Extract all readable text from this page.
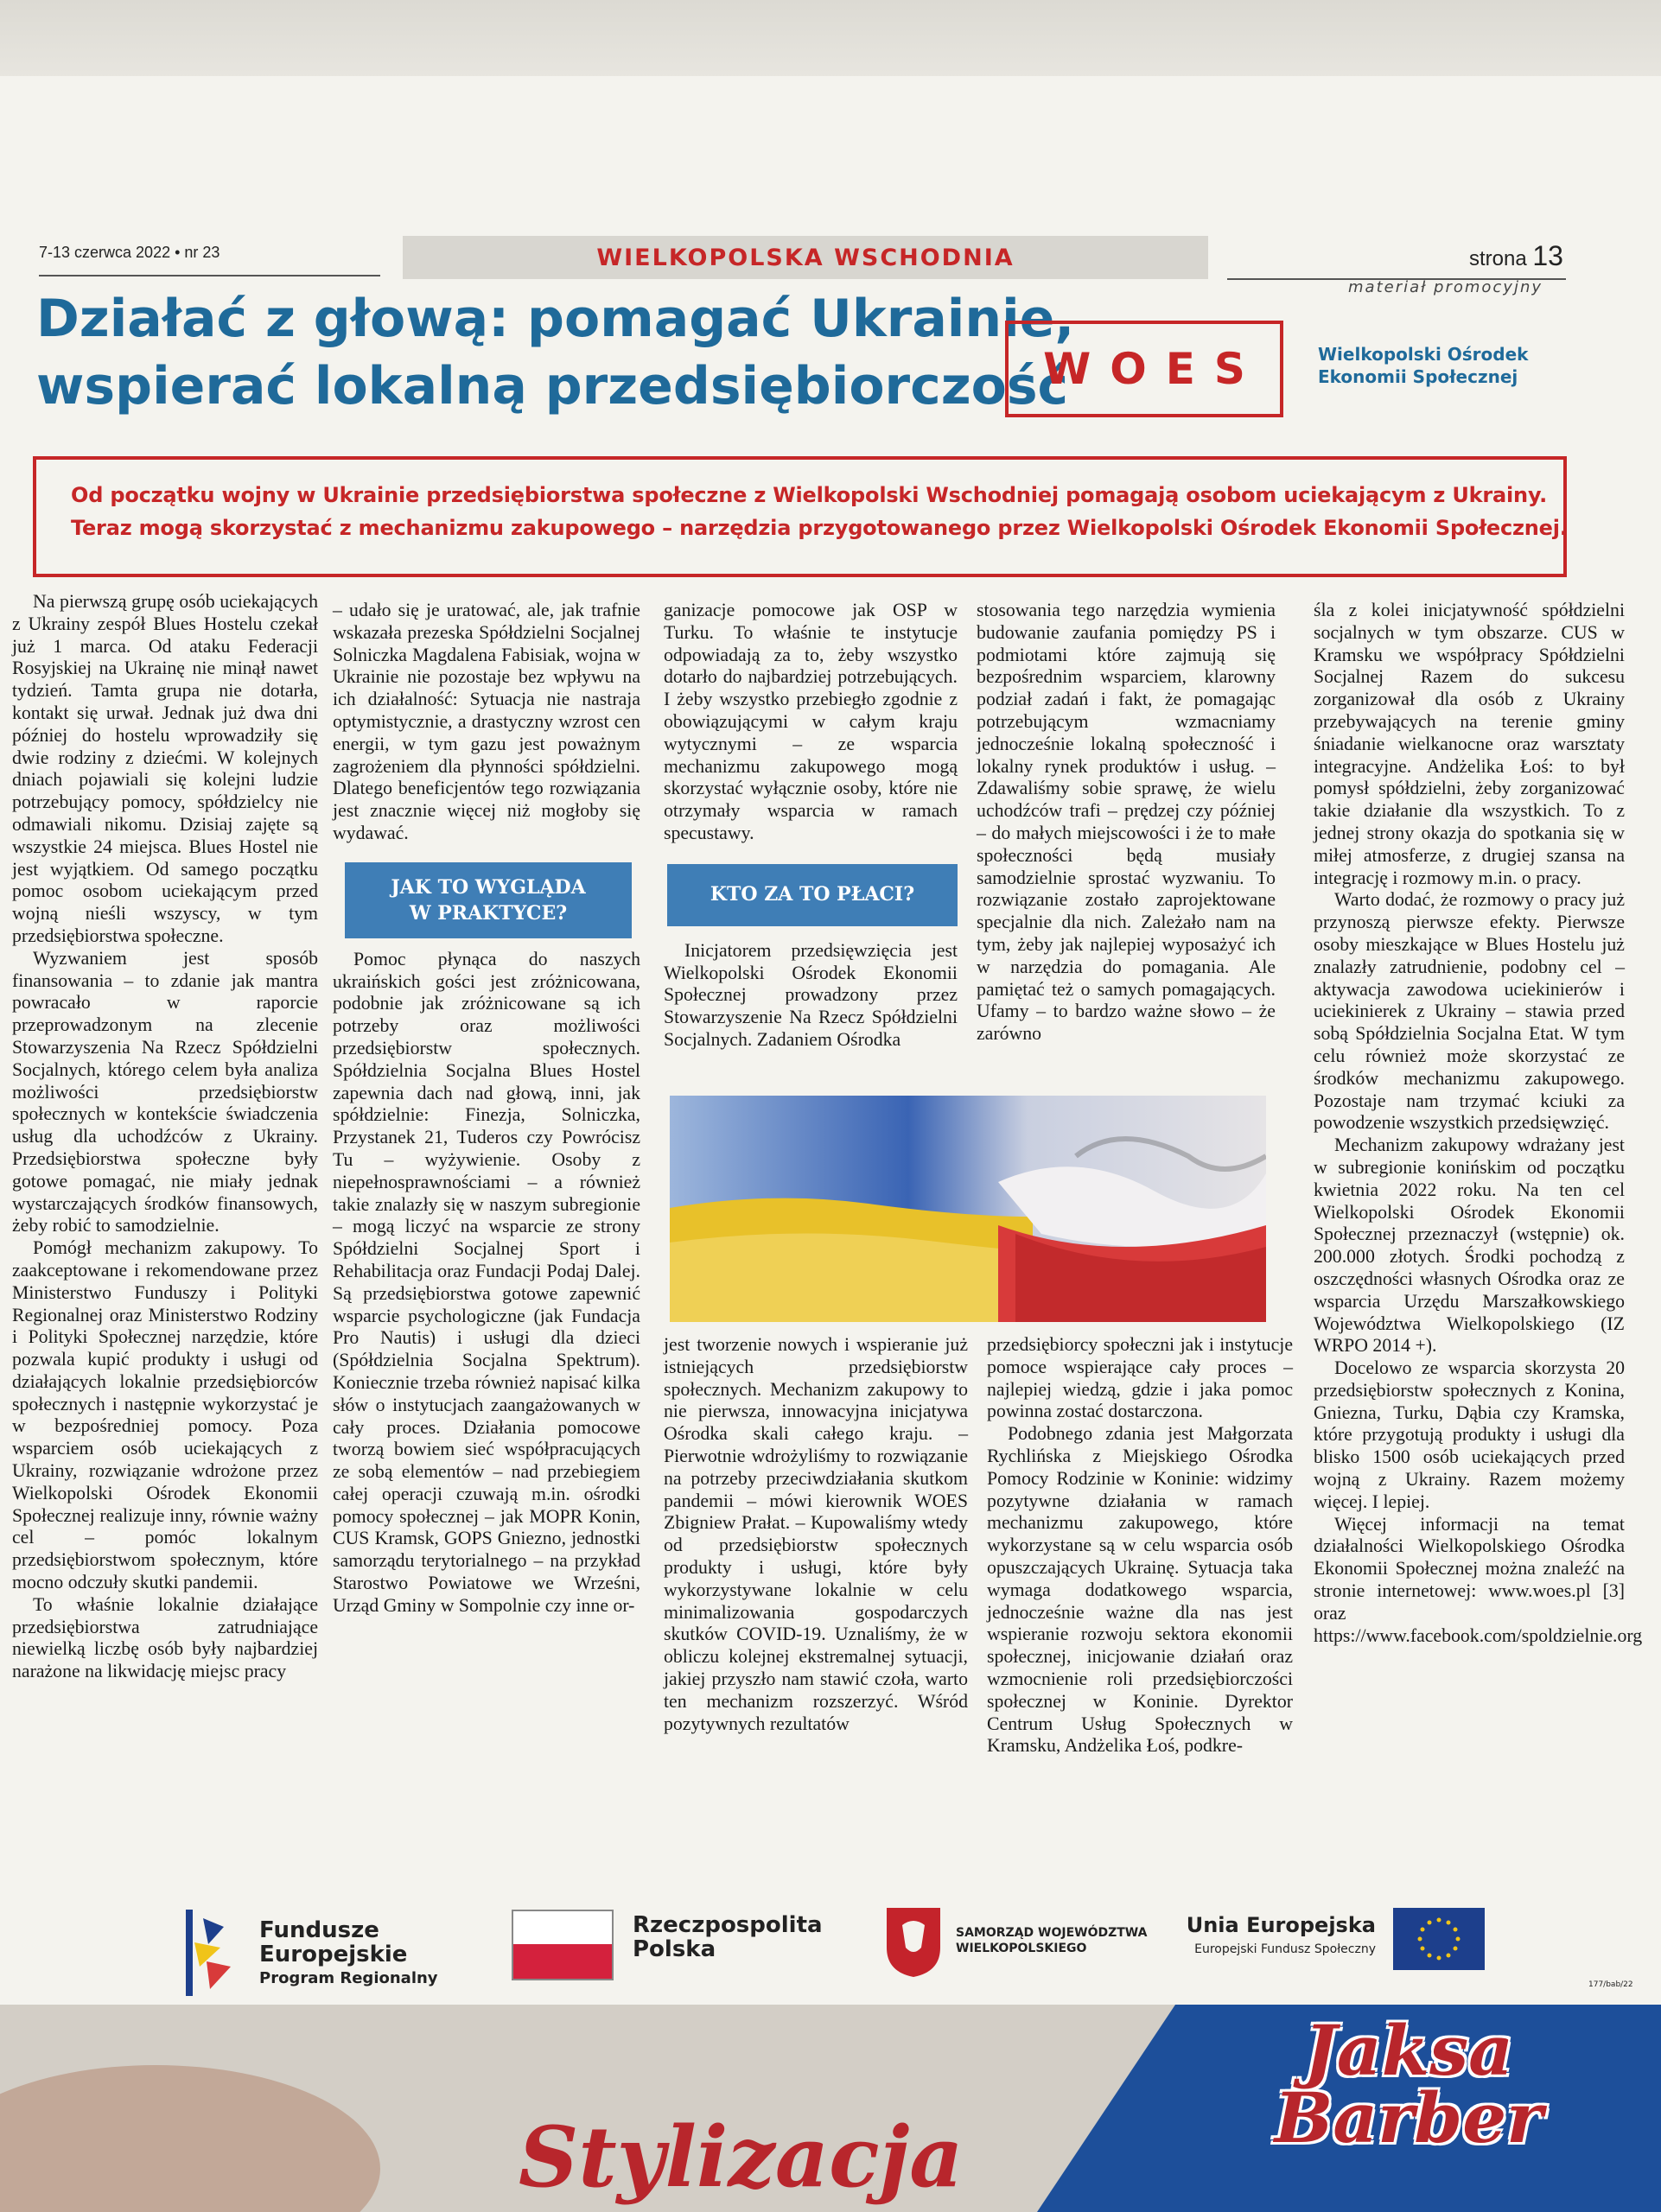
7-13 czerwca 2022 • nr 23	WIELKOPOLSKA WSCHODNIA	strona 13
materiał promocyjny
Działać z głową: pomagać Ukrainie,
wspierać lokalną przedsiębiorczość
WOES	Wielkopolski Ośrodek
Ekonomii Społecznej

Od początku wojny w Ukrainie przedsiębiorstwa społeczne z Wielkopolski Wschodniej pomagają osobom uciekającym z Ukrainy.

Teraz mogą skorzystać z mechanizmu zakupowego – narzędzia przygotowanego przez Wielkopolski Ośrodek Ekonomii Społecznej.

Na pierwszą grupę osób uciekających z Ukrainy zespół Blues Hostelu czekał już 1 marca. Od ataku Federacji Rosyjskiej na Ukrainę nie minął nawet tydzień. Tamta grupa nie dotarła, kontakt się urwał. Jednak już dwa dni później do hostelu wprowadziły się dwie rodziny z dziećmi. W kolejnych dniach pojawiali się kolejni ludzie potrzebujący pomocy, spółdzielcy nie odmawiali nikomu. Dzisiaj zajęte są wszystkie 24 miejsca. Blues Hostel nie jest wyjątkiem. Od samego początku pomoc osobom uciekającym przed wojną nieśli wszyscy, w tym przedsiębiorstwa społeczne.

Wyzwaniem jest sposób finansowania – to zdanie jak mantra powracało w raporcie przeprowadzonym na zlecenie Stowarzyszenia Na Rzecz Spółdzielni Socjalnych, którego celem była analiza możliwości przedsiębiorstw społecznych w kontekście świadczenia usług dla uchodźców z Ukrainy. Przedsiębiorstwa społeczne były gotowe pomagać, nie miały jednak wystarczających środków finansowych, żeby robić to samodzielnie.

Pomógł mechanizm zakupowy. To zaakceptowane i rekomendowane przez Ministerstwo Funduszy i Polityki Regionalnej oraz Ministerstwo Rodziny i Polityki Społecznej narzędzie, które pozwala kupić produkty i usługi od działających lokalnie przedsiębiorców społecznych i następnie wykorzystać je w bezpośredniej pomocy. Poza wsparciem osób uciekających z Ukrainy, rozwiązanie wdrożone przez Wielkopolski Ośrodek Ekonomii Społecznej realizuje inny, równie ważny cel – pomóc lokalnym przedsiębiorstwom społecznym, które mocno odczuły skutki pandemii.

To właśnie lokalnie działające przedsiębiorstwa zatrudniające niewielką liczbę osób były najbardziej narażone na likwidację miejsc pracy

– udało się je uratować, ale, jak trafnie wskazała prezeska Spółdzielni Socjalnej Solniczka Magdalena Fabisiak, wojna w Ukrainie nie pozostaje bez wpływu na ich działalność: Sytuacja nie nastraja optymistycznie, a drastyczny wzrost cen energii, w tym gazu jest poważnym zagrożeniem dla płynności spółdzielni. Dlatego beneficjentów tego rozwiązania jest znacznie więcej niż mogłoby się wydawać.

JAK TO WYGLĄDA
W PRAKTYCE?

Pomoc płynąca do naszych ukraińskich gości jest zróżnicowana, podobnie jak zróżnicowane są ich potrzeby oraz możliwości przedsiębiorstw społecznych. Spółdzielnia Socjalna Blues Hostel zapewnia dach nad głową, inni, jak spółdzielnie: Finezja, Solniczka, Przystanek 21, Tuderos czy Powrócisz Tu – wyżywienie. Osoby z niepełnosprawnościami – a również takie znalazły się w naszym subregionie – mogą liczyć na wsparcie ze strony Spółdzielni Socjalnej Sport i Rehabilitacja oraz Fundacji Podaj Dalej. Są przedsiębiorstwa gotowe zapewnić wsparcie psychologiczne (jak Fundacja Pro Nautis) i usługi dla dzieci (Spółdzielnia Socjalna Spektrum). Koniecznie trzeba również napisać kilka słów o instytucjach zaangażowanych w cały proces. Działania pomocowe tworzą bowiem sieć współpracujących ze sobą elementów – nad przebiegiem całej operacji czuwają m.in. ośrodki pomocy społecznej – jak MOPR Konin, CUS Kramsk, GOPS Gniezno, jednostki samorządu terytorialnego – na przykład Starostwo Powiatowe we Wrześni, Urząd Gminy w Sompolnie czy inne or-

ganizacje pomocowe jak OSP w Turku. To właśnie te instytucje odpowiadają za to, żeby wszystko dotarło do najbardziej potrzebujących. I żeby wszystko przebiegło zgodnie z obowiązującymi w całym kraju wytycznymi – ze wsparcia mechanizmu zakupowego mogą skorzystać wyłącznie osoby, które nie otrzymały wsparcia w ramach specustawy.

KTO ZA TO PŁACI?

Inicjatorem przedsięwzięcia jest Wielkopolski Ośrodek Ekonomii Społecznej prowadzony przez Stowarzyszenie Na Rzecz Spółdzielni Socjalnych. Zadaniem Ośrodka

stosowania tego narzędzia wymienia budowanie zaufania pomiędzy PS i podmiotami które zajmują się bezpośrednim wsparciem, klarowny podział zadań i fakt, że pomagając potrzebującym wzmacniamy jednocześnie lokalną społeczność i lokalny rynek produktów i usług. – Zdawaliśmy sobie sprawę, że wielu uchodźców trafi – prędzej czy później – do małych miejscowości i że to małe społeczności będą musiały samodzielnie sprostać wyzwaniu. To rozwiązanie zostało zaprojektowane specjalnie dla nich. Zależało nam na tym, żeby jak najlepiej wyposażyć ich w narzędzia do pomagania. Ale pamiętać też o samych pomagających. Ufamy – to bardzo ważne słowo – że zarówno

jest tworzenie nowych i wspieranie już istniejących przedsiębiorstw społecznych. Mechanizm zakupowy to nie pierwsza, innowacyjna inicjatywa Ośrodka skali całego kraju. – Pierwotnie wdrożyliśmy to rozwiązanie na potrzeby przeciwdziałania skutkom pandemii – mówi kierownik WOES Zbigniew Prałat. – Kupowaliśmy wtedy od przedsiębiorstw społecznych produkty i usługi, które były wykorzystywane lokalnie w celu minimalizowania gospodarczych skutków COVID-19. Uznaliśmy, że w obliczu kolejnej ekstremalnej sytuacji, jakiej przyszło nam stawić czoła, warto ten mechanizm rozszerzyć. Wśród pozytywnych rezultatów

przedsiębiorcy społeczni jak i instytucje pomoce wspierające cały proces – najlepiej wiedzą, gdzie i jaka pomoc powinna zostać dostarczona.

Podobnego zdania jest Małgorzata Rychlińska z Miejskiego Ośrodka Pomocy Rodzinie w Koninie: widzimy pozytywne działania w ramach mechanizmu zakupowego, które wykorzystane są w celu wsparcia osób opuszczających Ukrainę. Sytuacja taka wymaga dodatkowego wsparcia, jednocześnie ważne dla nas jest wspieranie rozwoju sektora ekonomii społecznej, inicjowanie działań oraz wzmocnienie roli przedsiębiorczości społecznej w Koninie. Dyrektor Centrum Usług Społecznych w Kramsku, Andżelika Łoś, podkre-

śla z kolei inicjatywność spółdzielni socjalnych w tym obszarze. CUS w Kramsku we współpracy Spółdzielni Socjalnej Razem do sukcesu zorganizował dla osób z Ukrainy przebywających na terenie gminy śniadanie wielkanocne oraz warsztaty integracyjne. Andżelika Łoś: to był pomysł spółdzielni, żeby zorganizować takie działanie dla wszystkich. To z jednej strony okazja do spotkania się w miłej atmosferze, z drugiej szansa na integrację i rozmowy m.in. o pracy.

Warto dodać, że rozmowy o pracy już przynoszą pierwsze efekty. Pierwsze osoby mieszkające w Blues Hostelu już znalazły zatrudnienie, podobny cel – aktywacja zawodowa uciekinierów i uciekinierek z Ukrainy – stawia przed sobą Spółdzielnia Socjalna Etat. W tym celu również może skorzystać ze środków mechanizmu zakupowego. Pozostaje nam trzymać kciuki za powodzenie wszystkich przedsięwzięć.

Mechanizm zakupowy wdrażany jest w subregionie konińskim od początku kwietnia 2022 roku. Na ten cel Wielkopolski Ośrodek Ekonomii Społecznej przeznaczył (wstępnie) ok. 200.000 złotych. Środki pochodzą z oszczędności własnych Ośrodka oraz ze wsparcia Urzędu Marszałkowskiego Województwa Wielkopolskiego (IZ WRPO 2014 +).

Docelowo ze wsparcia skorzysta 20 przedsiębiorstw społecznych z Konina, Gniezna, Turku, Dąbia czy Kramska, które przygotują produkty i usługi dla blisko 1500 osób uciekających przed wojną z Ukrainy. Razem możemy więcej. I lepiej.

Więcej informacji na temat działalności Wielkopolskiego Ośrodka Ekonomii Społecznej można znaleźć na stronie internetowej: www.woes.pl [3] oraz https://www.facebook.com/spoldzielnie.org

Fundusze
Europejskie
Program Regionalny
Rzeczpospolita
Polska
SAMORZĄD WOJEWÓDZTWA
WIELKOPOLSKIEGO
Unia Europejska
Europejski Fundusz Społeczny
177/bab/22
Stylizacja
Jaksa
Barber
